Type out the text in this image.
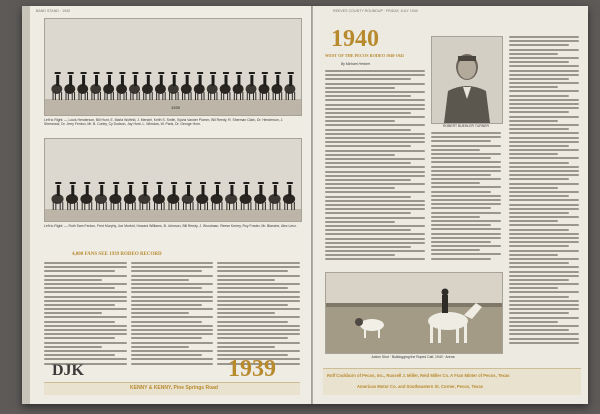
BAND STAND · 1940
1939
Left to Right: — Louis Henderson, Bill Hunt, E. Marla Wolfeld, J. Mendel, Keith S. Smith, Sylvia Vander Plumm, Bill Reedy, R. Sherman Clark, Dr. Henderson, J. Sherwood, Dr. Jerry Fenton, Mr. B. Corley, Cy Dodson, Jay Hunt, L. Winslow, W. Paris, Dr. George Horn.
Left to Right: — Ruth Sam Fenton, Fred Murphy, Joe Morbid, Howard Williams, B. Johnson, Bill Reedy, J. Woodman, Reese Kerrey, Roy Fowler, Mr. Blanche, Alex Lenz.
4,000 FANS SEE 1939 RODEO RECORD
DJK	1939
KENNY & KENNY, Pine Springs Road
REEVES COUNTY ROUNDUP · FRIDAY, JULY 1940
1940
WEST OF THE PECOS RODEO 1940-1941
By Michael Herbert
ROBERT BUEHLER TURNER
Action Shot · Bulldogging the Roped Calf, 1940 · Arena
Rolf Cockburn of Pecos, Inc., Russell J. Miller, Reid Miller Co. A Fran Minter of Pecos, Texas
American Motor Co. and Southeastern St. Corner, Pecos, Texas
